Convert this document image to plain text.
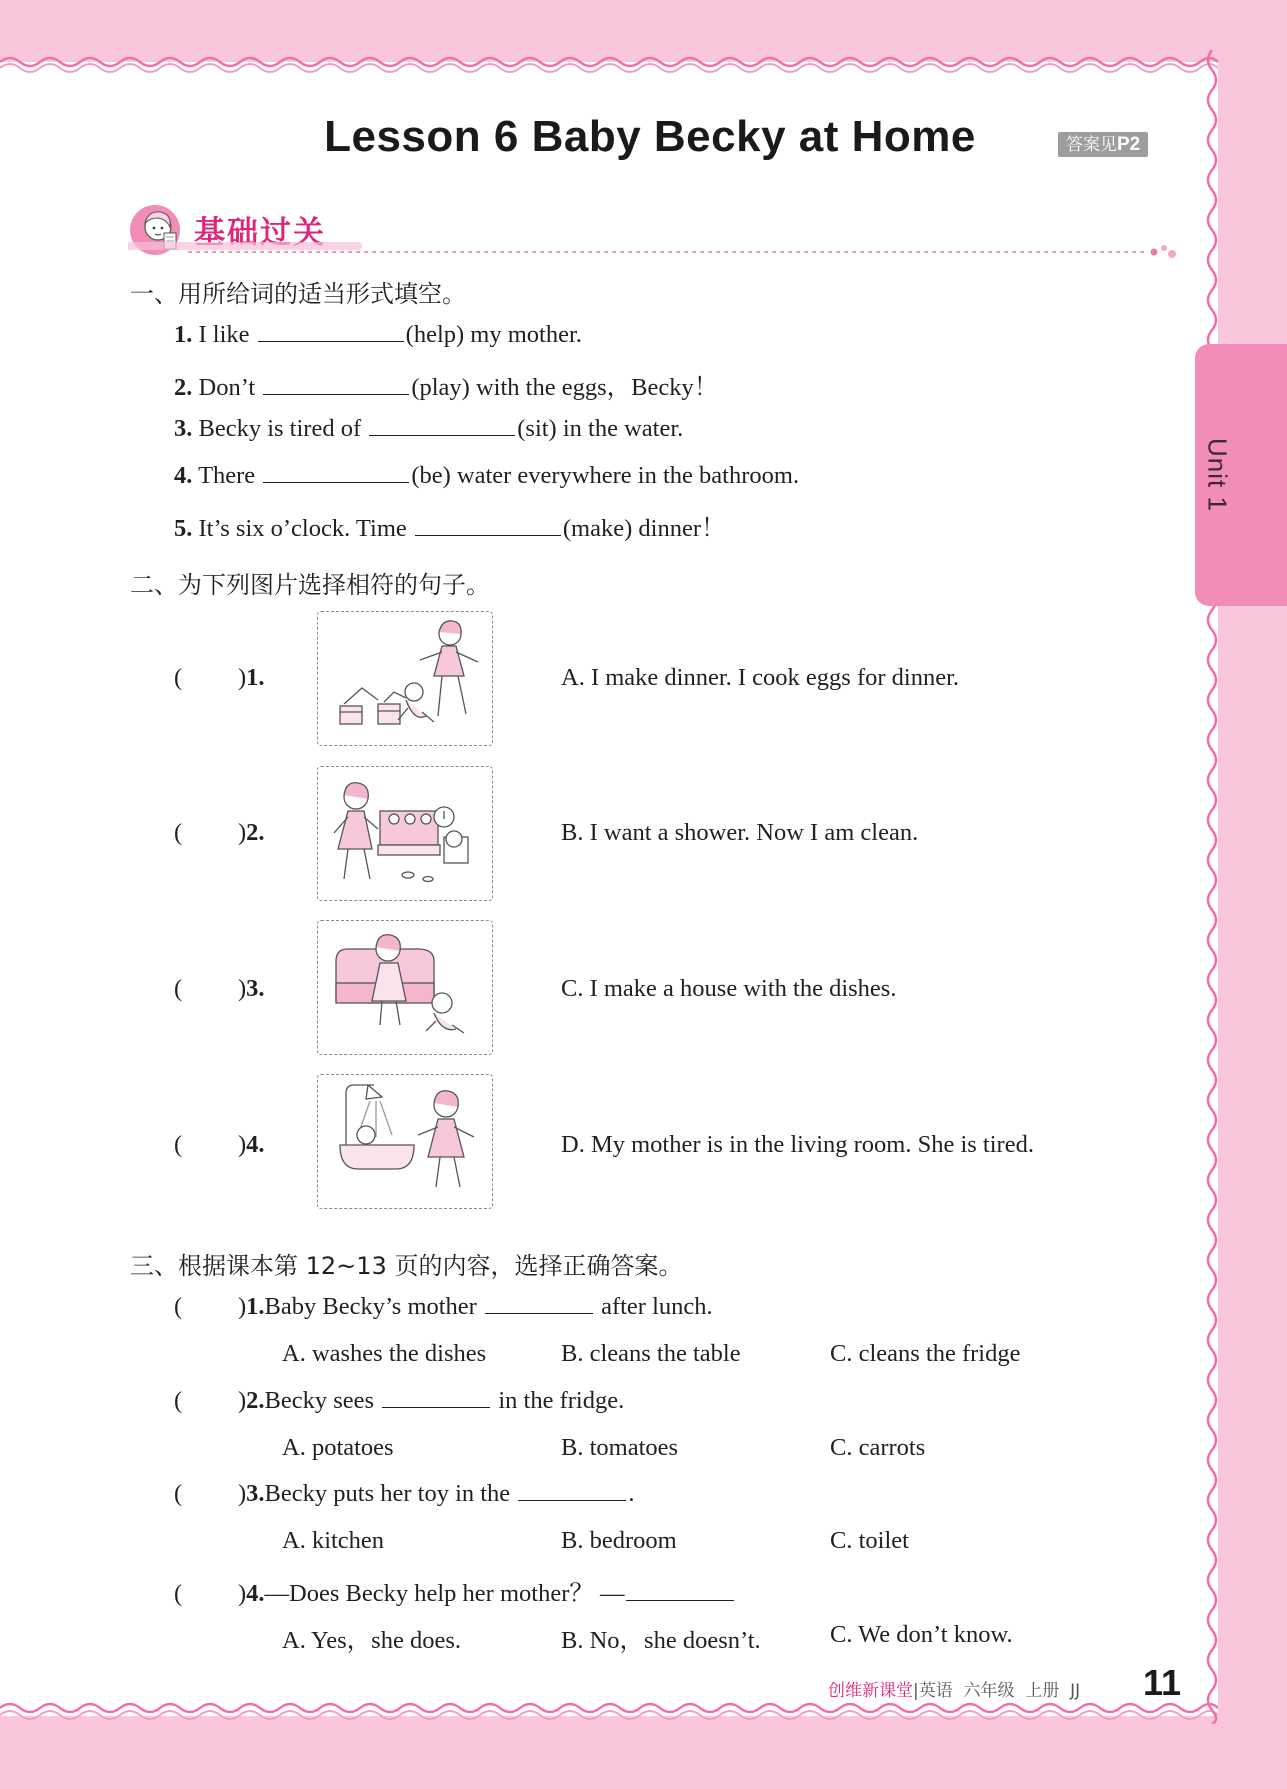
Unit 1
Lesson 6 Baby Becky at Home	答案见P2
基础过关
一、用所给词的适当形式填空。
1. I like	(help) my mother.
2. Don’t	(play) with the eggs，Becky！
3. Becky is tired of	(sit) in the water.
4. There	(be) water everywhere in the bathroom.
5. It’s six o’clock. Time	(make) dinner！
二、为下列图片选择相符的句子。
( )1.	A. I make dinner. I cook eggs for dinner.
( )2.	B. I want a shower. Now I am clean.
( )3.	C. I make a house with the dishes.
( )4.	D. My mother is in the living room. She is tired.
三、根据课本第 12~13 页的内容，选择正确答案。
( )1.Baby Becky’s mother	after lunch.
A. washes the dishes	B. cleans the table	C. cleans the fridge
( )2.Becky sees	in the fridge.
A. potatoes	B. tomatoes	C. carrots
( )3.Becky puts her toy in the	.
A. kitchen	B. bedroom	C. toilet
( )4.—Does Becky help her mother？ —
A. Yes，she does.	B. No，she doesn’t.	C. We don’t know.
创维新课堂|英语 六年级 上册 JJ 11
